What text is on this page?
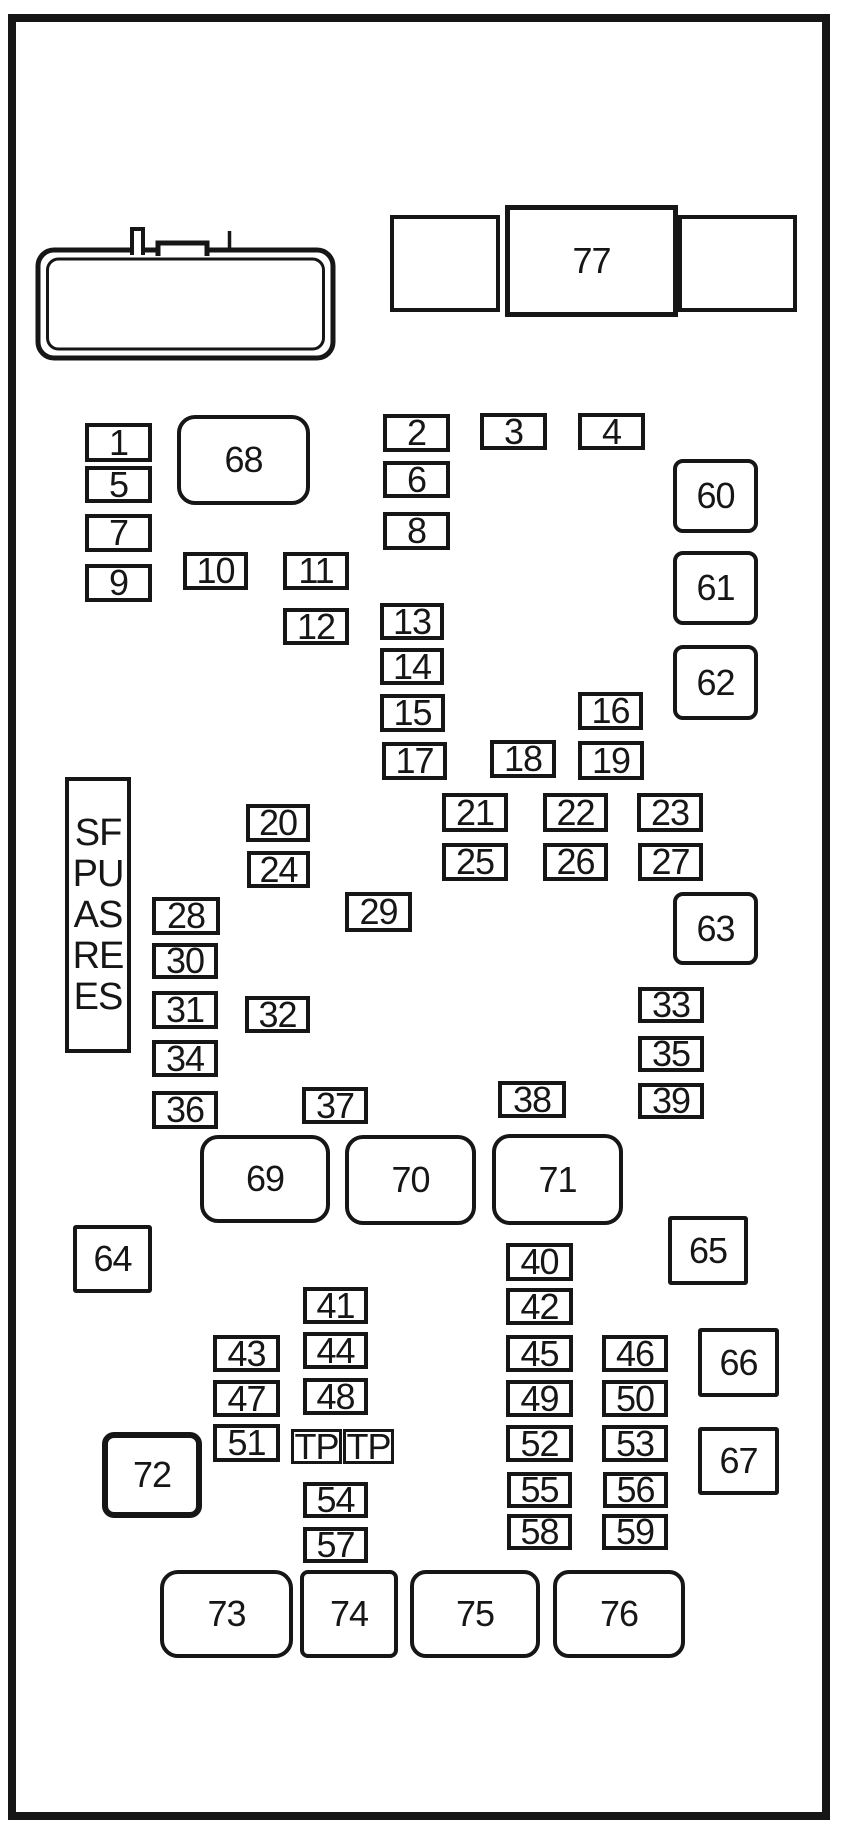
SF
PU
AS
RE
ES
1	2 3 4
5	6
7	8
9 10 11
12 13
14
15	16
17 18 19
20	21 22 23
24	25 26 27
28	29
30
31 32	33
34	35
36	37	38	39
40
41	42
43 44	45 46
47 48	49 50
51	52 53
54	55 56
57	58 59
60
61
62
63
64	65
66
67
68
69	70	71
72
73 74 75	76
77
TP TP
